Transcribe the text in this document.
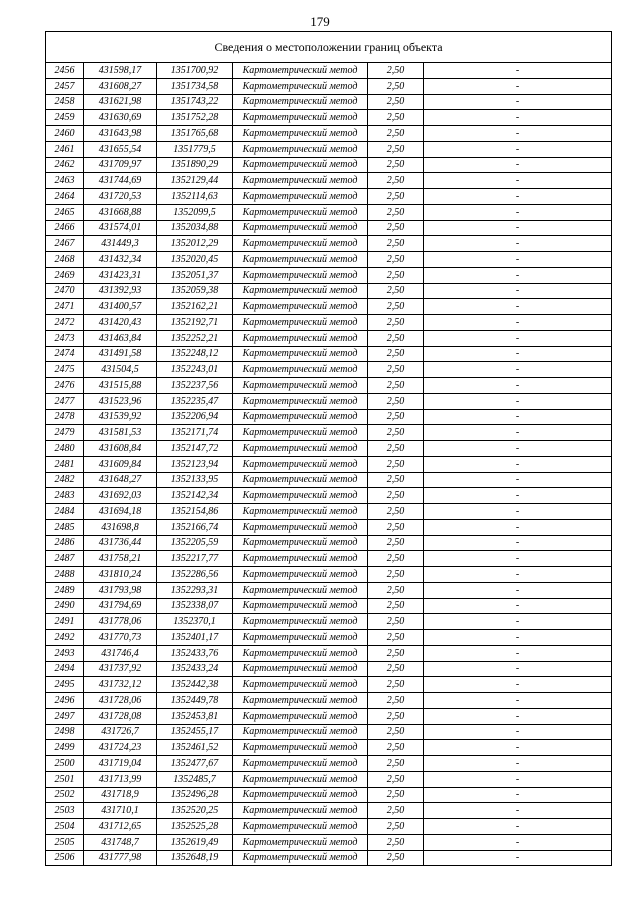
179
Сведения о местоположении границ объекта					
2456	431598,17	1351700,92	Картометрический метод	2,50	-
2457	431608,27	1351734,58	Картометрический метод	2,50	-
2458	431621,98	1351743,22	Картометрический метод	2,50	-
2459	431630,69	1351752,28	Картометрический метод	2,50	-
2460	431643,98	1351765,68	Картометрический метод	2,50	-
2461	431655,54	1351779,5	Картометрический метод	2,50	-
2462	431709,97	1351890,29	Картометрический метод	2,50	-
2463	431744,69	1352129,44	Картометрический метод	2,50	-
2464	431720,53	1352114,63	Картометрический метод	2,50	-
2465	431668,88	1352099,5	Картометрический метод	2,50	-
2466	431574,01	1352034,88	Картометрический метод	2,50	-
2467	431449,3	1352012,29	Картометрический метод	2,50	-
2468	431432,34	1352020,45	Картометрический метод	2,50	-
2469	431423,31	1352051,37	Картометрический метод	2,50	-
2470	431392,93	1352059,38	Картометрический метод	2,50	-
2471	431400,57	1352162,21	Картометрический метод	2,50	-
2472	431420,43	1352192,71	Картометрический метод	2,50	-
2473	431463,84	1352252,21	Картометрический метод	2,50	-
2474	431491,58	1352248,12	Картометрический метод	2,50	-
2475	431504,5	1352243,01	Картометрический метод	2,50	-
2476	431515,88	1352237,56	Картометрический метод	2,50	-
2477	431523,96	1352235,47	Картометрический метод	2,50	-
2478	431539,92	1352206,94	Картометрический метод	2,50	-
2479	431581,53	1352171,74	Картометрический метод	2,50	-
2480	431608,84	1352147,72	Картометрический метод	2,50	-
2481	431609,84	1352123,94	Картометрический метод	2,50	-
2482	431648,27	1352133,95	Картометрический метод	2,50	-
2483	431692,03	1352142,34	Картометрический метод	2,50	-
2484	431694,18	1352154,86	Картометрический метод	2,50	-
2485	431698,8	1352166,74	Картометрический метод	2,50	-
2486	431736,44	1352205,59	Картометрический метод	2,50	-
2487	431758,21	1352217,77	Картометрический метод	2,50	-
2488	431810,24	1352286,56	Картометрический метод	2,50	-
2489	431793,98	1352293,31	Картометрический метод	2,50	-
2490	431794,69	1352338,07	Картометрический метод	2,50	-
2491	431778,06	1352370,1	Картометрический метод	2,50	-
2492	431770,73	1352401,17	Картометрический метод	2,50	-
2493	431746,4	1352433,76	Картометрический метод	2,50	-
2494	431737,92	1352433,24	Картометрический метод	2,50	-
2495	431732,12	1352442,38	Картометрический метод	2,50	-
2496	431728,06	1352449,78	Картометрический метод	2,50	-
2497	431728,08	1352453,81	Картометрический метод	2,50	-
2498	431726,7	1352455,17	Картометрический метод	2,50	-
2499	431724,23	1352461,52	Картометрический метод	2,50	-
2500	431719,04	1352477,67	Картометрический метод	2,50	-
2501	431713,99	1352485,7	Картометрический метод	2,50	-
2502	431718,9	1352496,28	Картометрический метод	2,50	-
2503	431710,1	1352520,25	Картометрический метод	2,50	-
2504	431712,65	1352525,28	Картометрический метод	2,50	-
2505	431748,7	1352619,49	Картометрический метод	2,50	-
2506	431777,98	1352648,19	Картометрический метод	2,50	-
